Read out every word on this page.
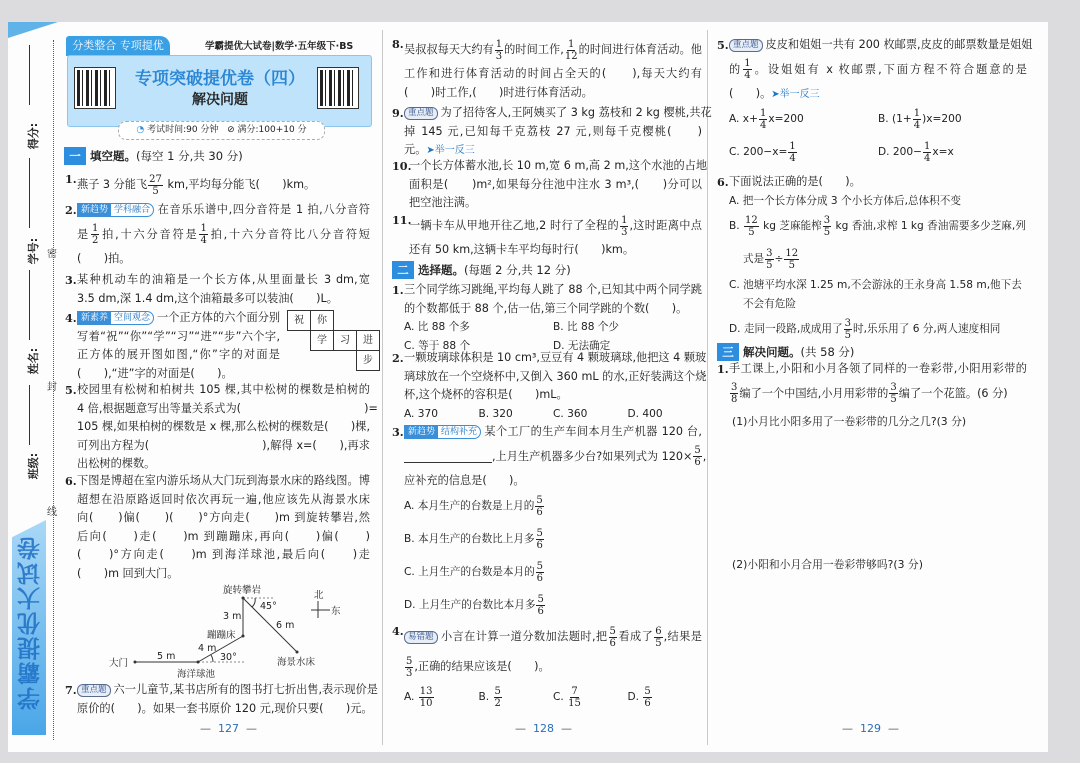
得分:
学号:
姓名:
班级:
密
封
线
学霸提优大试卷
分类整合 专项提优	学霸提优大试卷|数学·五年级下·BS
专项突破提优卷（四）
解决问题
◔ 考试时间:90 分钟 ⊘ 满分:100+10 分
一 填空题。(每空 1 分,共 30 分)
1. 燕子 3 分能飞 $\frac{27}{5}$ km,平均每分能飞(　　)km。
2. 新趋势 学科融合 在音乐乐谱中,四分音符是 1 拍,八分音符
是 $\frac{1}{2}$ 拍,十六分音符是 $\frac{1}{4}$ 拍,十六分音符比八分音符短
(　　)拍。
3. 某种机动车的油箱是一个长方体,从里面量长 3 dm,宽
3.5 dm,深 1.4 dm,这个油箱最多可以装油(　　)L。
4. 新素养 空间观念 一个正方体的六个面分别
写着“祝”“你”“学”“习”“进”“步”六个字,
正方体的展开图如图,“你”字的对面是
(　　),“进”字的对面是(　　)。
祝	你
学	习	进
步
5. 校园里有松树和柏树共 105 棵,其中松树的棵数是柏树的
4 倍,根据题意写出等量关系式为(　　　　　　　　　　　)=
105 棵,如果柏树的棵数是 x 棵,那么松树的棵数是(　　)棵,
可列出方程为(　　　　　　　　　　),解得 x=(　　),再求
出松树的棵数。
6. 下图是博超在室内游乐场从大门玩到海景水床的路线图。博
超想在沿原路返回时依次再玩一遍,他应该先从海景水床
向(　　)偏(　　)(　　)°方向走(　　)m 到旋转攀岩,然
后向(　　)走(　　)m 到蹦蹦床,再向(　　)偏(　　)
(　　)°方向走(　　)m 到海洋球池,最后向(　　)走
(　　)m 回到大门。
旋转攀岩
3 m
45°
6 m
蹦蹦床
4 m
30°
5 m
大门
海洋球池
海景水床
北
东
7. 重点题 六一儿童节,某书店所有的图书打七折出售,表示现价是
原价的(　　)。如果一套书原价 120 元,现价只要(　　)元。
— 127 —
8. 吴叔叔每天大约有 $\frac{1}{3}$ 的时间工作, $\frac{1}{12}$ 的时间进行体育活动。他
工作和进行体育活动的时间占全天的(　　),每天大约有
(　　)时工作,(　　)时进行体育活动。
9. 重点题 为了招待客人,王阿姨买了 3 kg 荔枝和 2 kg 樱桃,共花
掉 145 元,已知每千克荔枝 27 元,则每千克樱桃(　　)
元。➤举一反三
10.
一个长方体蓄水池,长 10 m,宽 6 m,高 2 m,这个水池的占地
面积是(　　)m²,如果每分往池中注水 3 m³,(　　)分可以
把空池注满。
11.
一辆卡车从甲地开往乙地,2 时行了全程的 $\frac{1}{3}$ ,这时距离中点
还有 50 km,这辆卡车平均每时行(　　)km。
二 选择题。(每题 2 分,共 12 分)
1. 三个同学练习跳绳,平均每人跳了 88 个,已知其中两个同学跳
的个数都低于 88 个,估一估,第三个同学跳的个数(　　)。
A. 比 88 个多	B. 比 88 个少
C. 等于 88 个	D. 无法确定
2. 一颗玻璃球体积是 10 cm³,豆豆有 4 颗玻璃球,他把这 4 颗玻
璃球放在一个空烧杯中,又倒入 360 mL 的水,正好装满这个烧
杯,这个烧杯的容积是(　　)mL。
A. 370	B. 320	C. 360	D. 400
3. 新趋势 结构补充 某个工厂的生产车间本月生产机器 120 台,
,上月生产机器多少台?如果列式为 $120\times \frac{5}{6}$ ,
应补充的信息是(　　)。
A. 本月生产的台数是上月的 $\frac{5}{6}$
B. 本月生产的台数比上月多 $\frac{5}{6}$
C. 上月生产的台数是本月的 $\frac{5}{6}$
D. 上月生产的台数比本月多 $\frac{5}{6}$
4. 易错题 小言在计算一道分数加法题时,把 $\frac{5}{6}$ 看成了 $\frac{6}{5}$ ,结果是
$\frac{5}{3}$ ,正确的结果应该是(　　)。
A. $\frac{13}{10}$	B. $\frac{5}{2}$	C. $\frac{7}{15}$	D. $\frac{5}{6}$
— 128 —
5. 重点题 皮皮和姐姐一共有 200 枚邮票,皮皮的邮票数量是姐姐
的 $\frac{1}{4}$ 。设姐姐有 x 枚邮票,下面方程不符合题意的是
(　　)。➤举一反三
A. $x+ \frac{1}{4} x=200$	B. $(1+ \frac{1}{4} )x=200$
C. $200-x= \frac{1}{4}$	D. $200- \frac{1}{4} x=x$
6. 下面说法正确的是(　　)。
A. 把一个长方体分成 3 个小长方体后,总体积不变
B. $\frac{12}{5}$ kg 芝麻能榨 $\frac{3}{5}$ kg 香油,求榨 1 kg 香油需要多少芝麻,列
　 式是 $\frac{3}{5} \div \frac{12}{5}$
C. 池塘平均水深 1.25 m,不会游泳的王永身高 1.58 m,他下去
　 不会有危险
D. 走同一段路,成成用了 $\frac{3}{5}$ 时,乐乐用了 6 分,两人速度相同
三 解决问题。(共 58 分)
1. 手工课上,小阳和小月各领了同样的一卷彩带,小阳用彩带的
$\frac{3}{8}$ 编了一个中国结,小月用彩带的 $\frac{3}{5}$ 编了一个花篮。(6 分)
(1)小月比小阳多用了一卷彩带的几分之几?(3 分)
(2)小阳和小月合用一卷彩带够吗?(3 分)
— 129 —
